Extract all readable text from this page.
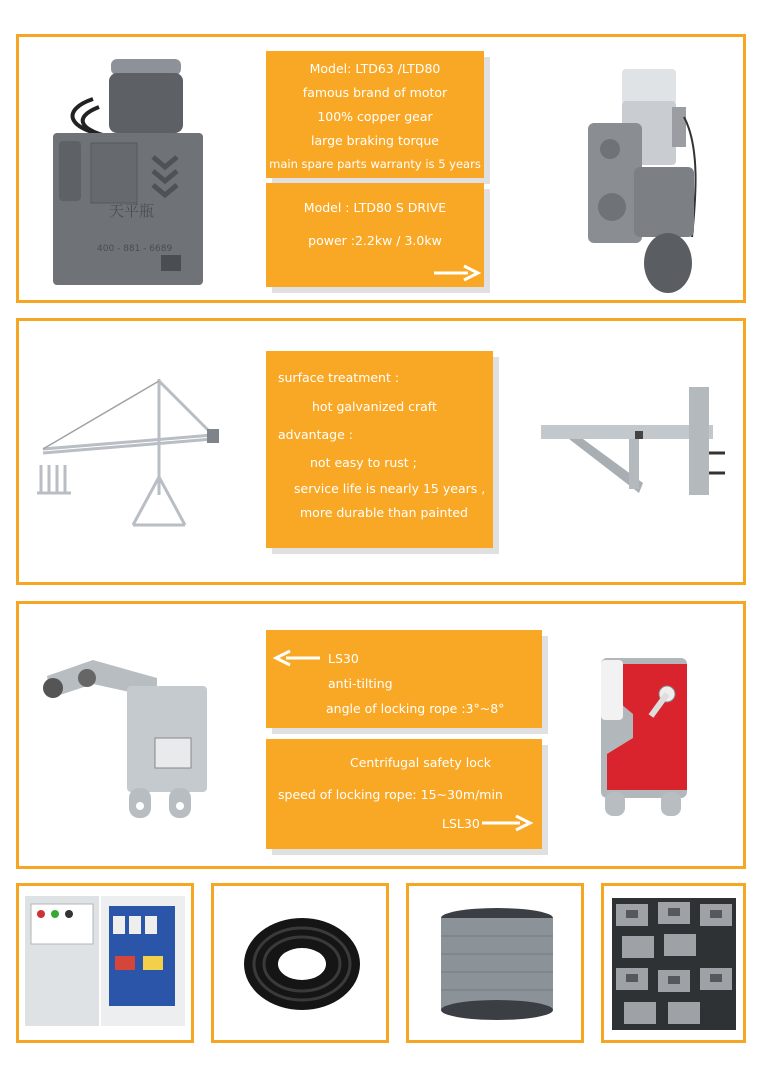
天平瓶
400 - 881 - 6689
Model: LTD63 /LTD80
famous brand of motor
100% copper gear
large braking torque
main spare parts warranty is 5 years
Model : LTD80 S DRIVE
power :2.2kw / 3.0kw
surface treatment :
hot galvanized craft
advantage :
not easy to rust ;
service life is nearly 15 years ,
more durable than painted
LS30
anti-tilting
angle of locking rope :3°~8°
Centrifugal safety lock
speed of locking rope: 15~30m/min
LSL30
